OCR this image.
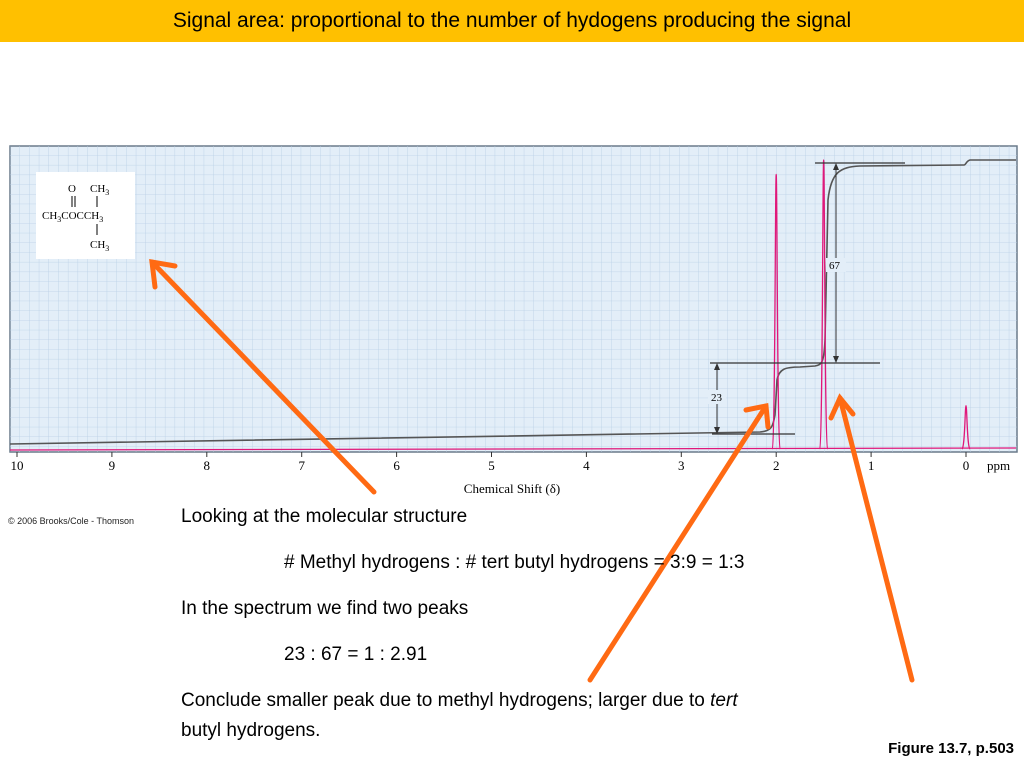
Signal area: proportional to the number of hydogens producing the signal
O $CH_3$
$CH_3COCCH_3$
$CH_3$
23
67
10	9	8	7	6	5	4	3	2	1	0 ppm
Chemical Shift (δ)
© 2006 Brooks/Cole - Thomson Looking at the molecular structure
# Methyl hydrogens : # tert butyl hydrogens = 3:9 = 1:3
In the spectrum we find two peaks
23 : 67 = 1 : 2.91
Conclude smaller peak due to methyl hydrogens; larger due to tert
butyl hydrogens.
Figure 13.7, p.503
